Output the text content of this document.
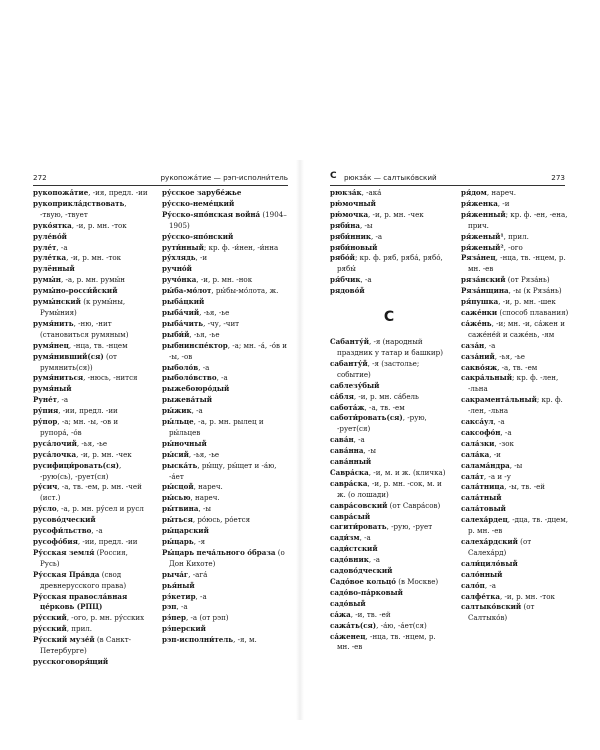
272	рукопожа́тие — рэп-исполни́тель

рукопожа́тие, -ия, предл. -ии

рукоприкла́дствовать, -твую, -твует

руко́ятка, -и, р. мн. -ток

руле́во́й

руле́т, -а

руле́тка, -и, р. мн. -ток

рулённый

румы́н, -а, р. мн. румы́н

румы́но-росси́йский

румы́нский (к румы́ны, Румы́ния)

румя́нить, -ню, -нит (становиться румяным)

румя́нец, -нца, тв. -нцем

румя́нивший(ся) (от румянить(ся))

румя́ниться, -нюсь, -нится

румя́ный

Руне́т, -а

ру́пия, -ии, предл. -ии

ру́пор, -а; мн. -ы, -ов и рупора́, -о́в

руса́лочий, -ья, -ье

руса́лочка, -и, р. мн. -чек

русифици́ровать(ся), -рую(сь), -рует(ся)

ру́сич, -а, тв. -ем, р. мн. -чей (ист.)

ру́сло, -а, р. мн. ру́сел и русл

русово́дческий

русофи́льство, -а

русофо́бия, -ии, предл. -ии

Ру́сская земля́ (Россия, Русь)

Ру́сская Пра́вда (свод древнерусского права)

Ру́сская правосла́вная це́рковь (РПЦ)

ру́сский, -ого, р. мн. ру́сских

ру́сский, прил.

Ру́сский музе́й (в Санкт-Петербурге)

русскоговоря́щий

ру́сское зарубе́жье

ру́сско-неме́цкий

Ру́сско-япо́нская война́ (1904–1905)

ру́сско-япо́нский

рути́нный; кр. ф. -и́нен, -и́нна

ру́хлядь, -и

ручно́й

ручо́нка, -и, р. мн. -нок

ры́ба-мо́лот, ры́бы-мо́лота, ж.

рыба́цкий

рыба́чий, -ья, -ье

рыба́чить, -чу, -чит

рыби́й, -ья, -ье

рыбнинспе́ктор, -а; мн. -а́, -о́в и -ы, -ов

рыболо́в, -а

рыболо́вство, -а

рыжебоюро́дый

рыжева́тый

ры́жик, -а

ры́льце, -а, р. мн. рылец и ры́льцев

ры́ночный

ры́сий, -ья, -ье

рыска́ть, ры́щу, ры́щет и -а́ю, -а́ет

ры́сцой, нареч.

ры́сью, нареч.

ры́твина, -ы

ры́ться, ро́юсь, ро́ется

ры́царский

ры́царь, -я

Ры́царь печа́льного о́браза (о Дон Кихоте)

рыча́г, -ага́

рья́ный

рэ́кетир, -а

рэп, -а

рэ́пер, -а (от рэп)

рэ́перский

рэп-исполни́тель, -я, м.

С рюкза́к — салтыко́вский	273

рюкза́к, -ака́

рю́мочный

рю́мочка, -и, р. мн. -чек

ряби́на, -ы

ряби́нник, -а

ряби́новый

рябо́й; кр. ф. ряб, ряба́, рябо́, рябы́

ря́бчик, -а

рядово́й

С

Сабанту́й, -я (народный праздник у татар и башкир)

сабанту́й, -я (застолье; событие)

саблезу́бый

са́бля, -и, р. мн. са́бель

сабота́ж, -а, тв. -ем

саботи́ровать(ся), -рую, -рует(ся)

сава́н, -а

сава́нна, -ы

сава́нный

Савра́ска, -и, м. и ж. (кличка)

савра́ска, -и, р. мн. -сок, м. и ж. (о лошади)

савра́совский (от Савра́сов)

савра́сый

сагити́ровать, -рую, -рует

сади́зм, -а

сади́стский

садо́вник, -а

садово́дческий

Садо́вое кольцо́ (в Москве)

садо́во-па́рковый

садо́вый

са́жа, -и, тв. -ей

сажа́ть(ся), -а́ю, -а́ет(ся)

са́женец, -нца, тв. -нцем, р. мн. -ев

ря́дом, нареч.

ря́женка, -и

ря́женный; кр. ф. -ен, -ена, прич.

ря́женый¹, прил.

ря́женый², -ого

Ряза́нец, -нца, тв. -нцем, р. мн. -ев

ряза́нский (от Ряза́нь)

Ряза́нщина, -ы (к Ряза́нь)

ря́пушка, -и, р. мн. -шек

саже́нки (способ плавания)

са́же́нь, -и; мн. -и, са́жен и саже́не́й и саже́нь, -ям

саза́н, -а

саза́ний, -ья, -ье

сакво́яж, -а, тв. -ем

сакра́льный; кр. ф. -лен, -льна

сакрамента́льный; кр. ф. -лен, -льна

сакса́ул, -а

саксофо́н, -а

сала́зки, -зок

сала́ка, -и

салама́ндра, -ы

сала́т, -а и -у

сала́тница, -ы, тв. -ей

сала́тный

сала́товый

салеха́рдец, -дца, тв. -дцем, р. мн. -ев

салеха́рдский (от Салеха́рд)

сали́цило́вый

сало́нный

сало́п, -а

салфе́тка, -и, р. мн. -ток

салтыко́вский (от Салтыко́в)
